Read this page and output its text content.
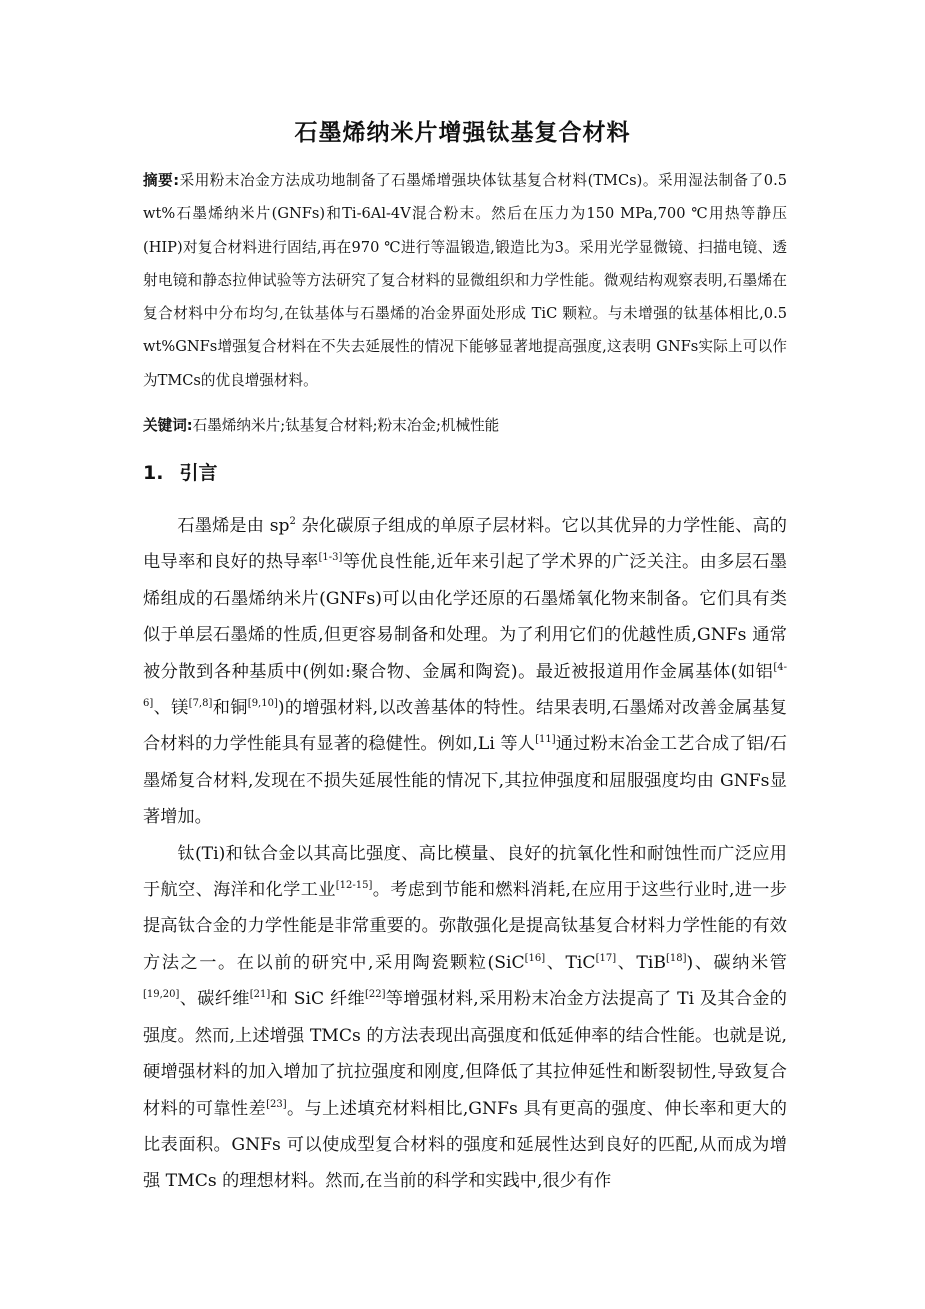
石墨烯纳米片增强钛基复合材料
摘要:采用粉末冶金方法成功地制备了石墨烯增强块体钛基复合材料(TMCs)。采用湿法制备了0.5 wt%石墨烯纳米片(GNFs)和Ti-6Al-4V混合粉末。然后在压力为150 MPa,700 ℃用热等静压(HIP)对复合材料进行固结,再在970 ℃进行等温锻造,锻造比为3。采用光学显微镜、扫描电镜、透射电镜和静态拉伸试验等方法研究了复合材料的显微组织和力学性能。微观结构观察表明,石墨烯在复合材料中分布均匀,在钛基体与石墨烯的冶金界面处形成 TiC 颗粒。与未增强的钛基体相比,0.5 wt%GNFs增强复合材料在不失去延展性的情况下能够显著地提高强度,这表明 GNFs实际上可以作为TMCs的优良增强材料。
关键词:石墨烯纳米片;钛基复合材料;粉末冶金;机械性能
1. 引言

石墨烯是由 $sp^2$ 杂化碳原子组成的单原子层材料。它以其优异的力学性能、高的电导率和良好的热导率[1-3]等优良性能,近年来引起了学术界的广泛关注。由多层石墨烯组成的石墨烯纳米片(GNFs)可以由化学还原的石墨烯氧化物来制备。它们具有类似于单层石墨烯的性质,但更容易制备和处理。为了利用它们的优越性质,GNFs 通常被分散到各种基质中(例如:聚合物、金属和陶瓷)。最近被报道用作金属基体(如铝[4-6]、镁[7,8]和铜[9,10])的增强材料,以改善基体的特性。结果表明,石墨烯对改善金属基复合材料的力学性能具有显著的稳健性。例如,Li 等人[11]通过粉末冶金工艺合成了铝/石墨烯复合材料,发现在不损失延展性能的情况下,其拉伸强度和屈服强度均由 GNFs显著增加。

钛(Ti)和钛合金以其高比强度、高比模量、良好的抗氧化性和耐蚀性而广泛应用于航空、海洋和化学工业[12-15]。考虑到节能和燃料消耗,在应用于这些行业时,进一步提高钛合金的力学性能是非常重要的。弥散强化是提高钛基复合材料力学性能的有效方法之一。在以前的研究中,采用陶瓷颗粒(SiC[16]、TiC[17]、TiB[18])、碳纳米管[19,20]、碳纤维[21]和 SiC 纤维[22]等增强材料,采用粉末冶金方法提高了 Ti 及其合金的强度。然而,上述增强 TMCs 的方法表现出高强度和低延伸率的结合性能。也就是说,硬增强材料的加入增加了抗拉强度和刚度,但降低了其拉伸延性和断裂韧性,导致复合材料的可靠性差[23]。与上述填充材料相比,GNFs 具有更高的强度、伸长率和更大的比表面积。GNFs 可以使成型复合材料的强度和延展性达到良好的匹配,从而成为增强 TMCs 的理想材料。然而,在当前的科学和实践中,很少有作
